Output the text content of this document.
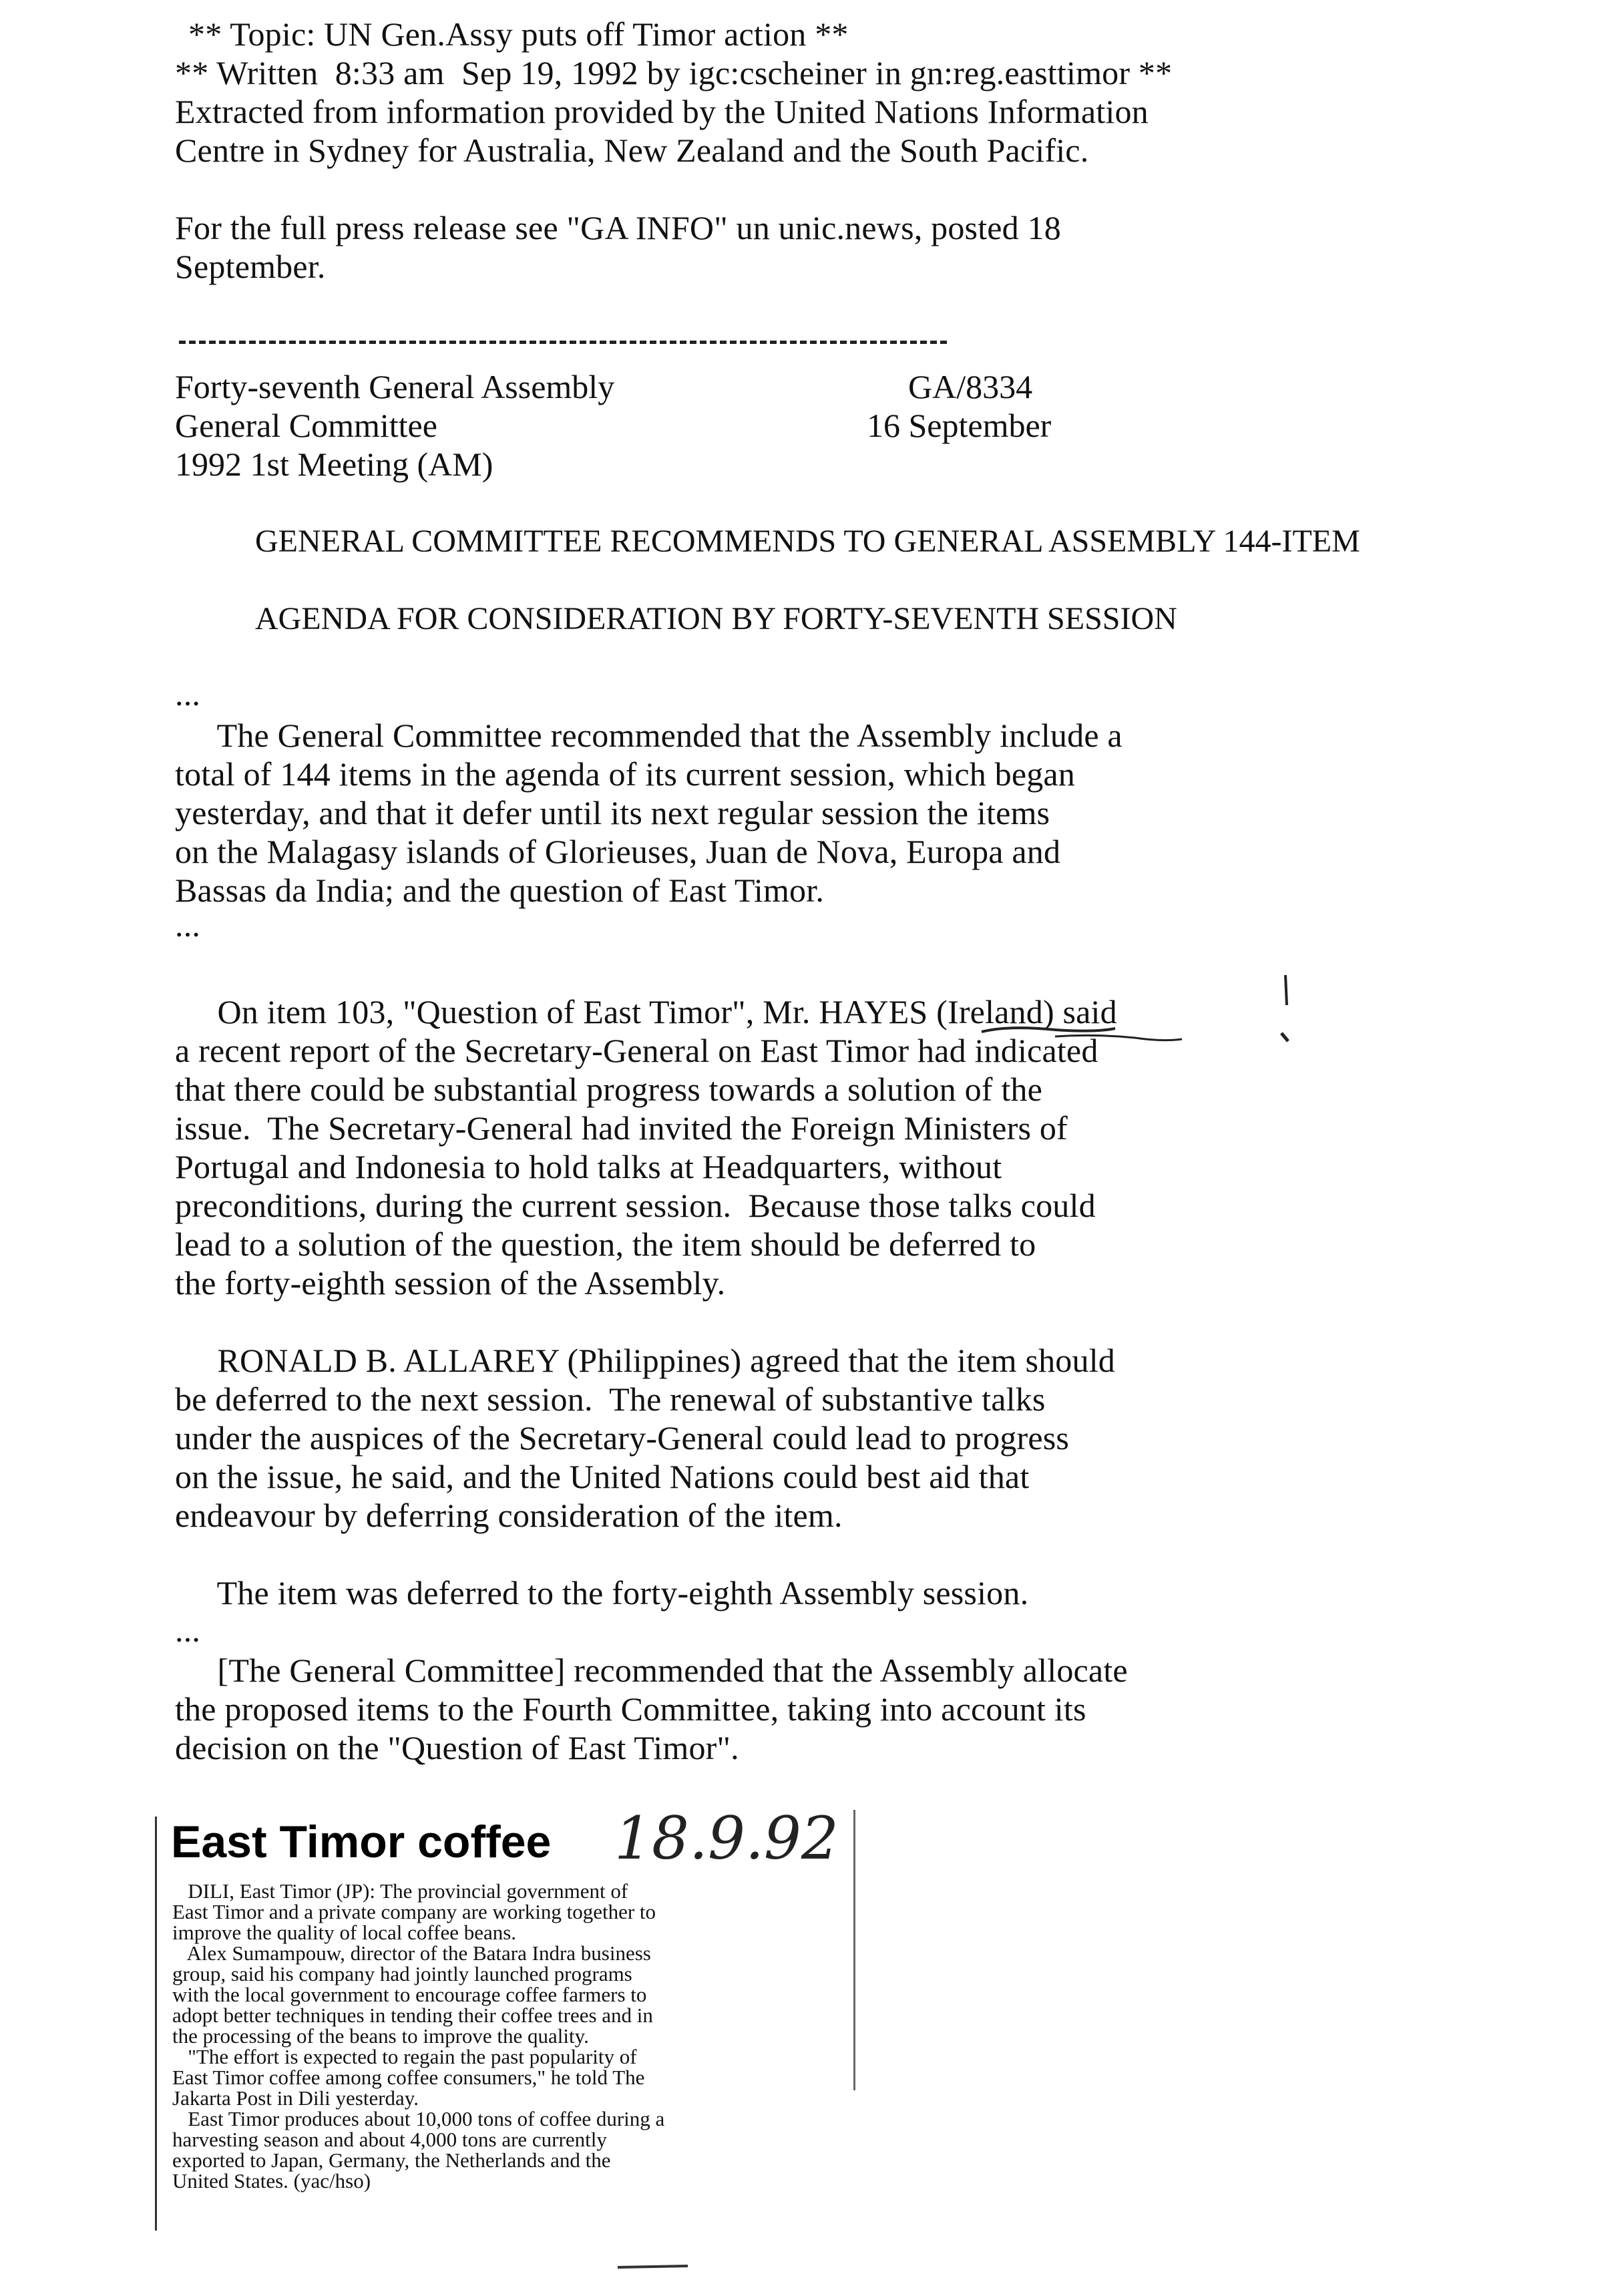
** Topic: UN Gen.Assy puts off Timor action **
** Written  8:33 am  Sep 19, 1992 by igc:cscheiner in gn:reg.easttimor **
Extracted from information provided by the United Nations Information
Centre in Sydney for Australia, New Zealand and the South Pacific.
For the full press release see "GA INFO" un unic.news, posted 18
September.
Forty-seventh General Assembly
General Committee
1992 1st Meeting (AM)
GA/8334
16 September
GENERAL COMMITTEE RECOMMENDS TO GENERAL ASSEMBLY 144-ITEM
AGENDA FOR CONSIDERATION BY FORTY-SEVENTH SESSION
...
The General Committee recommended that the Assembly include a
total of 144 items in the agenda of its current session, which began
yesterday, and that it defer until its next regular session the items
on the Malagasy islands of Glorieuses, Juan de Nova, Europa and
Bassas da India; and the question of East Timor.
...
On item 103, "Question of East Timor", Mr. HAYES (Ireland) said
a recent report of the Secretary-General on East Timor had indicated
that there could be substantial progress towards a solution of the
issue.  The Secretary-General had invited the Foreign Ministers of
Portugal and Indonesia to hold talks at Headquarters, without
preconditions, during the current session.  Because those talks could
lead to a solution of the question, the item should be deferred to
the forty-eighth session of the Assembly.
RONALD B. ALLAREY (Philippines) agreed that the item should
be deferred to the next session.  The renewal of substantive talks
under the auspices of the Secretary-General could lead to progress
on the issue, he said, and the United Nations could best aid that
endeavour by deferring consideration of the item.
The item was deferred to the forty-eighth Assembly session.
...
[The General Committee] recommended that the Assembly allocate
the proposed items to the Fourth Committee, taking into account its
decision on the "Question of East Timor".
East Timor coffee 18.9.92
DILI, East Timor (JP): The provincial government of
East Timor and a private company are working together to
improve the quality of local coffee beans.
Alex Sumampouw, director of the Batara Indra business
group, said his company had jointly launched programs
with the local government to encourage coffee farmers to
adopt better techniques in tending their coffee trees and in
the processing of the beans to improve the quality.
"The effort is expected to regain the past popularity of
East Timor coffee among coffee consumers," he told The
Jakarta Post in Dili yesterday.
East Timor produces about 10,000 tons of coffee during a
harvesting season and about 4,000 tons are currently
exported to Japan, Germany, the Netherlands and the
United States. (yac/hso)
